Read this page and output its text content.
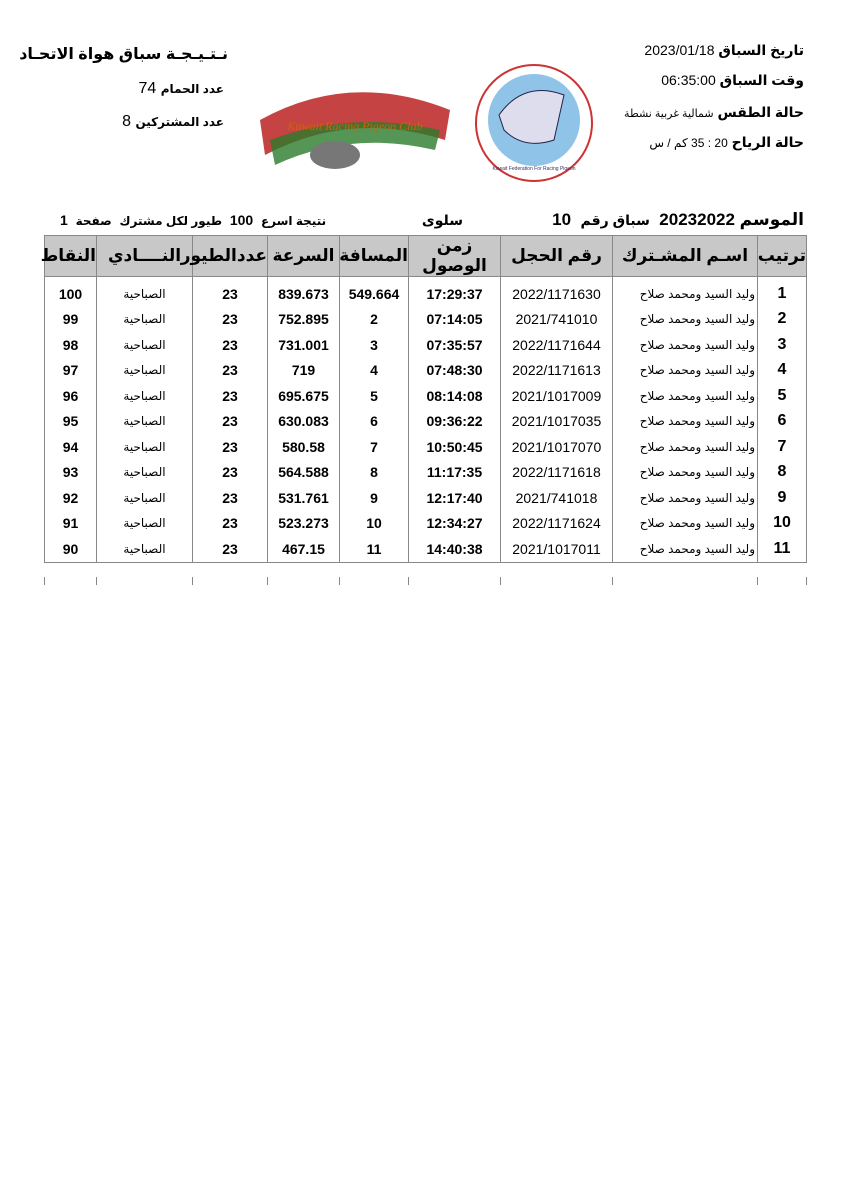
نـتـيـجـة سباق هواة الاتحـاد
عدد الحمام 74
عدد المشتركين 8
تاريخ السباق 2023/01/18
وقت السباق 06:35:00
حالة الطقس شمالية غربية نشطة
حالة الرياح 20 : 35 كم / س
Kuwait Racing Pigeon Club
Kuwait Federation For Racing Pigeon
الموسم 20232022  سباق رقم  10
سلوى
نتيجة اسرع  100  طيور لكل مشترك  صفحة  1
ترتيب	اسـم المشـترك	رقم الحجل	زمن الوصول	المسافة	السرعة	عددالطيور	النــــادي	النقاط
1	وليد السيد ومحمد صلاح	2022/1171630	17:29:37	549.664	839.673	23	الصباحية	100
2	وليد السيد ومحمد صلاح	2021/741010	07:14:05	2	752.895	23	الصباحية	99
3	وليد السيد ومحمد صلاح	2022/1171644	07:35:57	3	731.001	23	الصباحية	98
4	وليد السيد ومحمد صلاح	2022/1171613	07:48:30	4	719	23	الصباحية	97
5	وليد السيد ومحمد صلاح	2021/1017009	08:14:08	5	695.675	23	الصباحية	96
6	وليد السيد ومحمد صلاح	2021/1017035	09:36:22	6	630.083	23	الصباحية	95
7	وليد السيد ومحمد صلاح	2021/1017070	10:50:45	7	580.58	23	الصباحية	94
8	وليد السيد ومحمد صلاح	2022/1171618	11:17:35	8	564.588	23	الصباحية	93
9	وليد السيد ومحمد صلاح	2021/741018	12:17:40	9	531.761	23	الصباحية	92
10	وليد السيد ومحمد صلاح	2022/1171624	12:34:27	10	523.273	23	الصباحية	91
11	وليد السيد ومحمد صلاح	2021/1017011	14:40:38	11	467.15	23	الصباحية	90
